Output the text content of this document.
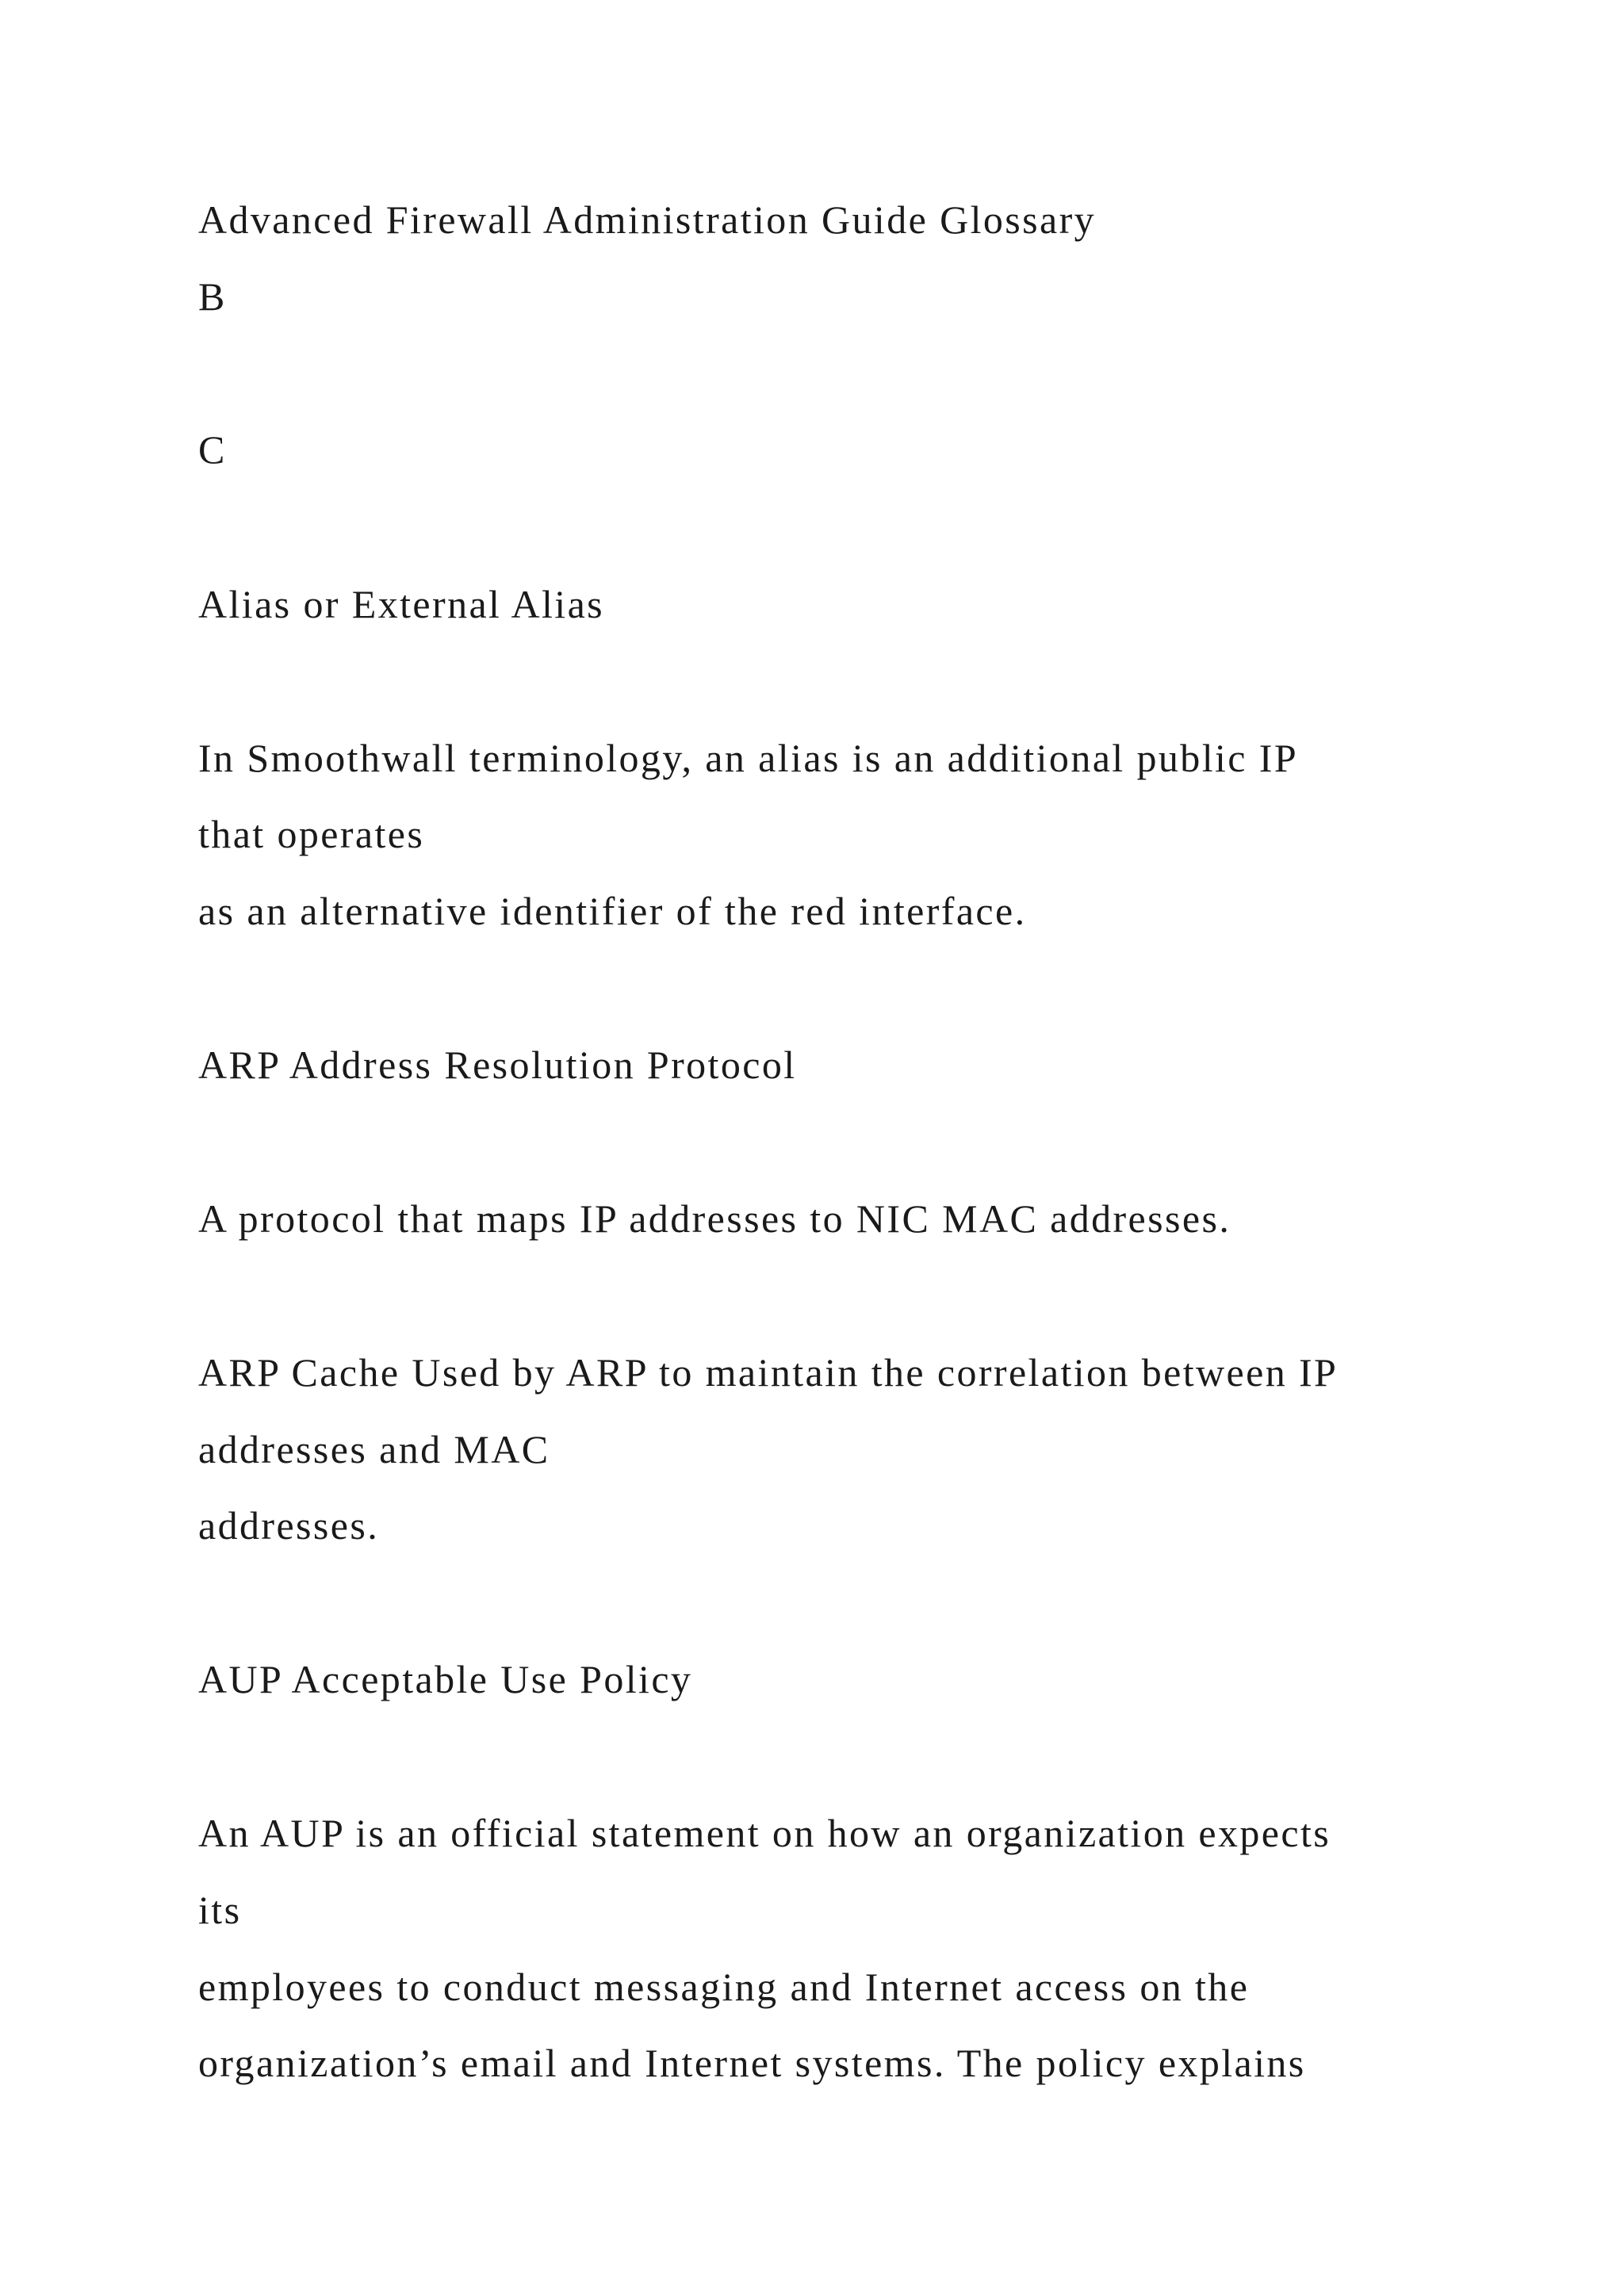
Advanced Firewall Administration Guide Glossary

B

C

Alias or External Alias

In Smoothwall terminology, an alias is an additional public IP

that operates

as an alternative identifier of the red interface.

ARP Address Resolution Protocol

A protocol that maps IP addresses to NIC MAC addresses.

ARP Cache Used by ARP to maintain the correlation between IP

addresses and MAC

addresses.

AUP Acceptable Use Policy

An AUP is an official statement on how an organization expects

its

employees to conduct messaging and Internet access on the

organization’s email and Internet systems. The policy explains
